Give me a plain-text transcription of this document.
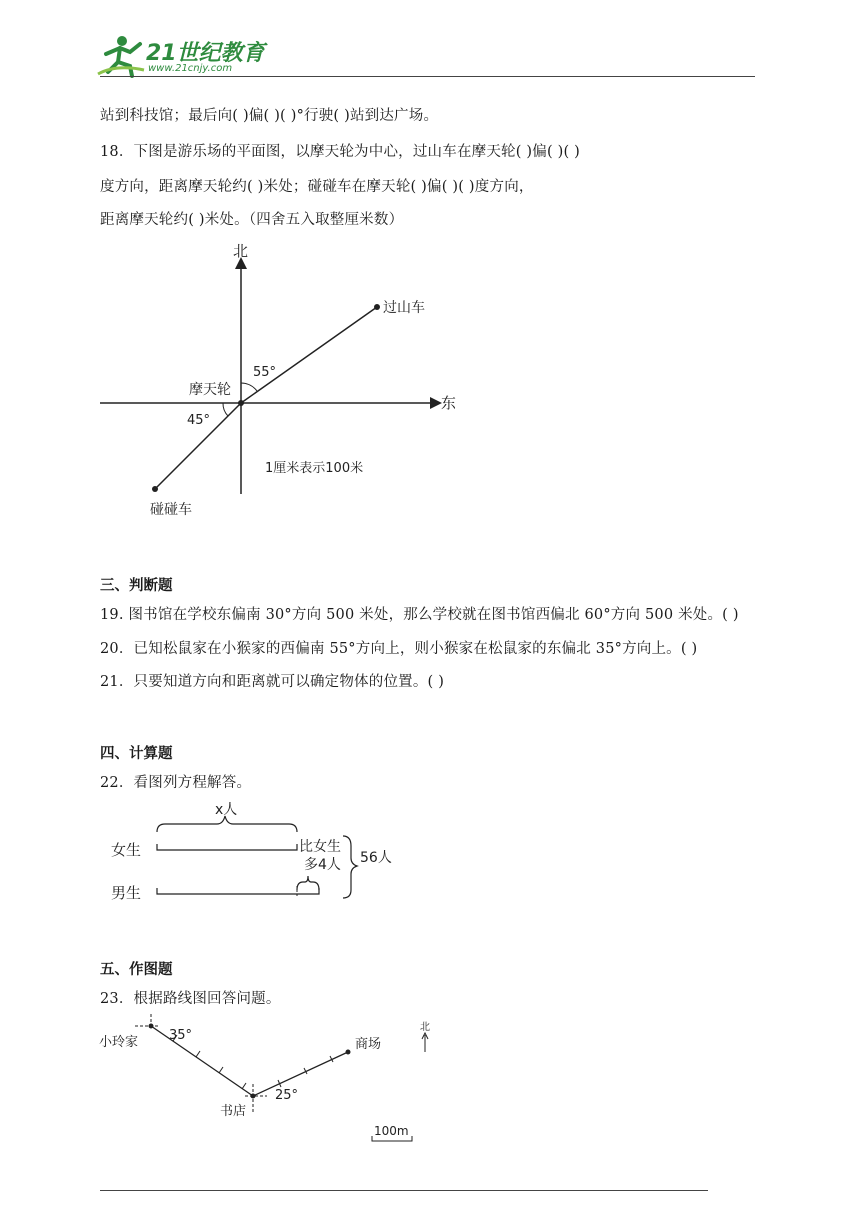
21世纪教育
www.21cnjy.com
站到科技馆；最后向( )偏( )( )°行驶( )站到达广场。
18．下图是游乐场的平面图，以摩天轮为中心，过山车在摩天轮( )偏( )( )
度方向，距离摩天轮约( )米处；碰碰车在摩天轮( )偏( )( )度方向，
距离摩天轮约( )米处。（四舍五入取整厘米数）
北
东
摩天轮
过山车
碰碰车
55°
45°
1厘米表示100米
三、判断题
19. 图书馆在学校东偏南 30°方向 500 米处，那么学校就在图书馆西偏北 60°方向 500 米处。( )
20．已知松鼠家在小猴家的西偏南 55°方向上，则小猴家在松鼠家的东偏北 35°方向上。( )
21．只要知道方向和距离就可以确定物体的位置。( )
四、计算题
22．看图列方程解答。
女生
男生
x人
比女生
多4人 56人
五、作图题
23．根据路线图回答问题。
小玲家
书店
商场
35°
25°
北
100m
